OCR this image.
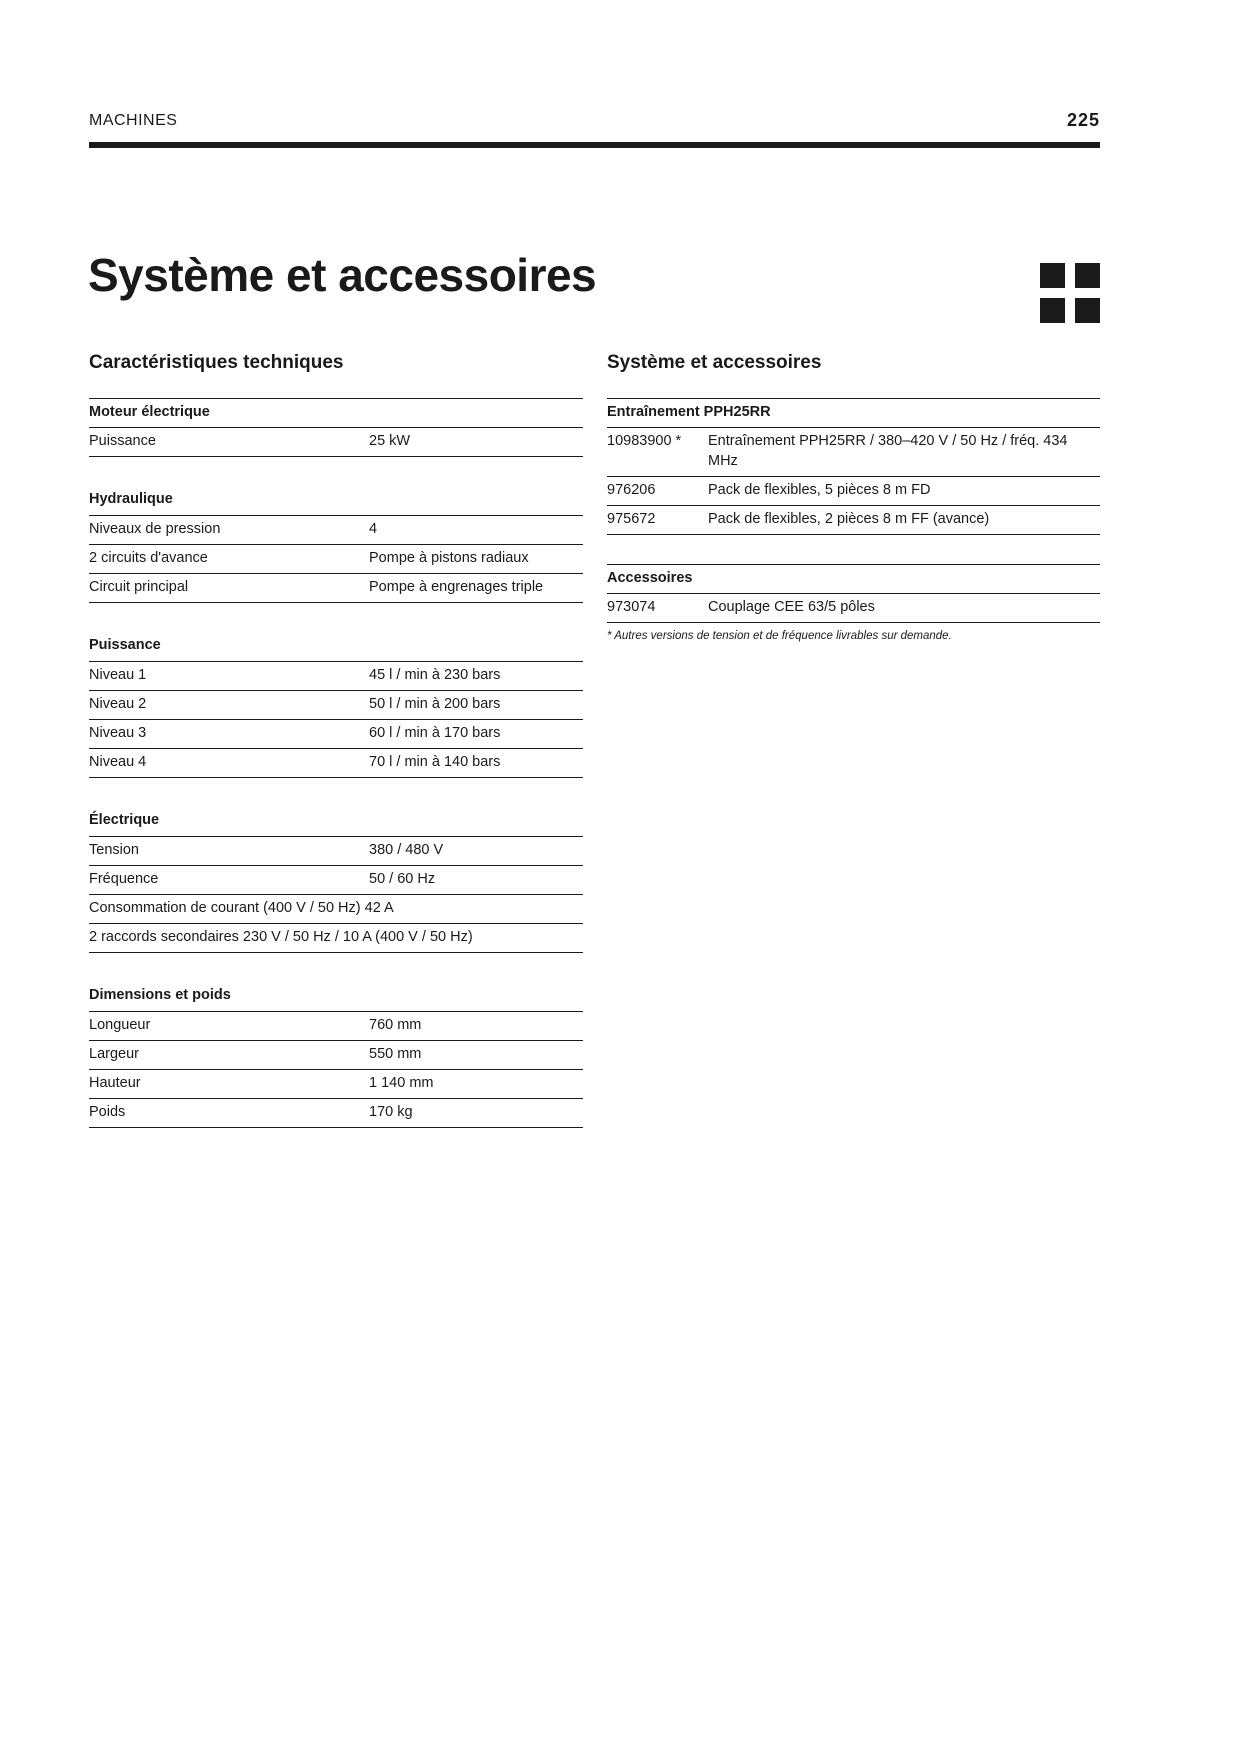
MACHINES	225
Système et accessoires
Caractéristiques techniques
Moteur électrique
Puissance	25 kW
Hydraulique
Niveaux de pression	4
2 circuits d'avance	Pompe à pistons radiaux
Circuit principal	Pompe à engrenages triple
Puissance
Niveau 1	45 l / min à 230 bars
Niveau 2	50 l / min à 200 bars
Niveau 3	60 l / min à 170 bars
Niveau 4	70 l / min à 140 bars
Électrique
Tension	380 / 480 V
Fréquence	50 / 60 Hz
Consommation de courant (400 V / 50 Hz) 42 A
2 raccords secondaires 230 V / 50 Hz / 10 A (400 V / 50 Hz)
Dimensions et poids
Longueur	760 mm
Largeur	550 mm
Hauteur	1 140 mm
Poids	170 kg
Système et accessoires
Entraînement PPH25RR
10983900 *	Entraînement PPH25RR / 380–420 V / 50 Hz / fréq. 434 MHz
976206	Pack de flexibles, 5 pièces 8 m FD
975672	Pack de flexibles, 2 pièces 8 m FF (avance)
Accessoires
973074	Couplage CEE 63/5 pôles
* Autres versions de tension et de fréquence livrables sur demande.
